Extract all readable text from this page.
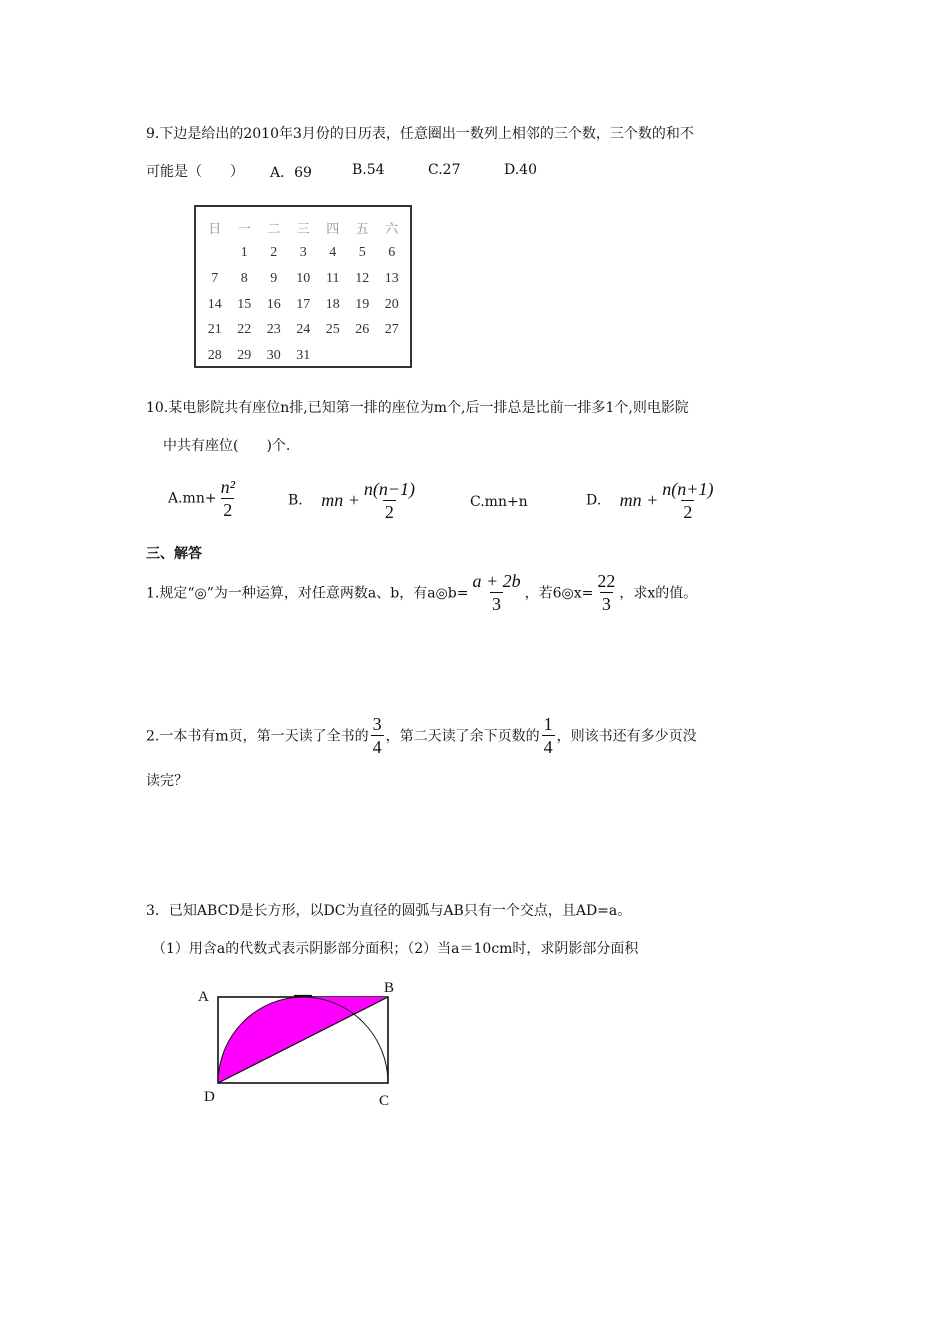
9.下边是给出的2010年3月份的日历表，任意圈出一数列上相邻的三个数，三个数的和不
可能是（　　） A．69	B.54	C.27	D.40
日	一	二	三	四	五	六
	1	2	3	4	5	6
7	8	9	10	11	12	13
14	15	16	17	18	19	20
21	22	23	24	25	26	27
28	29	30	31			
10.某电影院共有座位n排,已知第一排的座位为m个,后一排总是比前一排多1个,则电影院
中共有座位(　　)个.
$A.mn+ \frac{\text{n²}}{2}$	B. mn + $\frac{n(n-1)}{2}$	C.mn+n	D. mn + $\frac{n(n+1)}{2}$
三、解答
1.规定“◎”为一种运算，对任意两数a、b，有a◎b= $\frac{a + 2b}{3}$ ，若6◎x= $\frac{22}{3}$ ，求x的值。
2.一本书有m页，第一天读了全书的 $\frac{3}{4}$ ，第二天读了余下页数的 $\frac{1}{4}$ ，则该书还有多少页没
读完？
3．已知ABCD是长方形，以DC为直径的圆弧与AB只有一个交点，且AD=a。
（1）用含a的代数式表示阴影部分面积；（2）当a＝10cm时，求阴影部分面积
A
B
D	C
